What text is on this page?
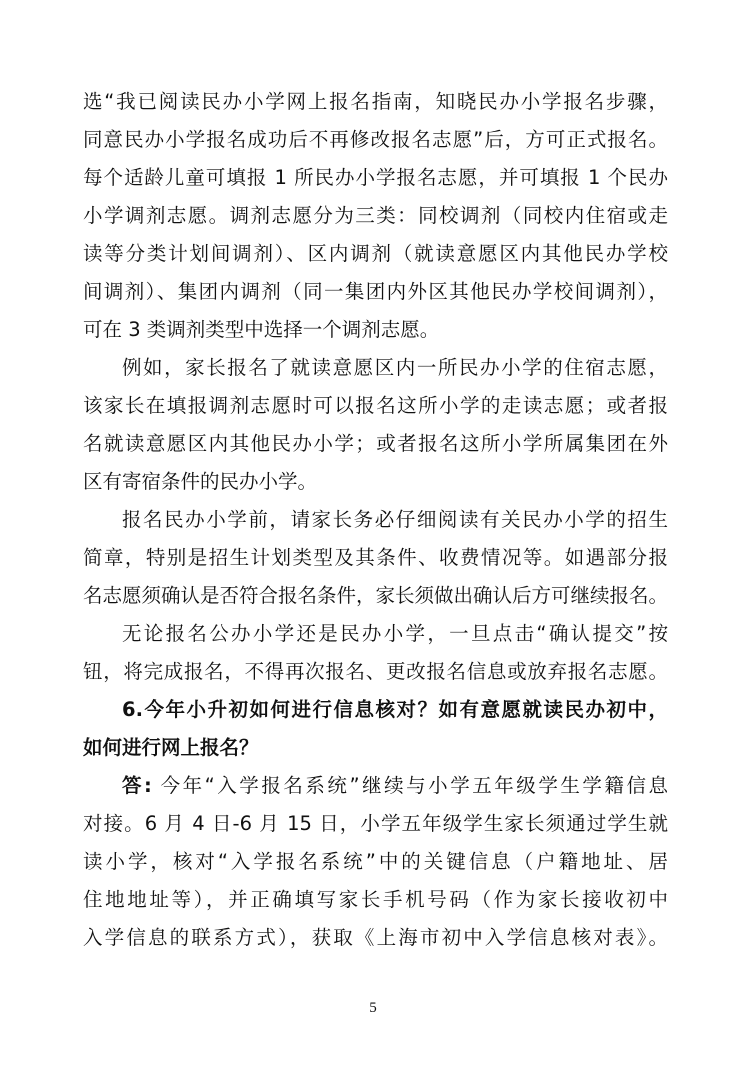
选“我已阅读民办小学网上报名指南，知晓民办小学报名步骤，
同意民办小学报名成功后不再修改报名志愿”后，方可正式报名。
每个适龄儿童可填报 1 所民办小学报名志愿，并可填报 1 个民办
小学调剂志愿。调剂志愿分为三类：同校调剂（同校内住宿或走
读等分类计划间调剂）、区内调剂（就读意愿区内其他民办学校
间调剂）、集团内调剂（同一集团内外区其他民办学校间调剂），
可在 3 类调剂类型中选择一个调剂志愿。
例如，家长报名了就读意愿区内一所民办小学的住宿志愿，
该家长在填报调剂志愿时可以报名这所小学的走读志愿；或者报
名就读意愿区内其他民办小学；或者报名这所小学所属集团在外
区有寄宿条件的民办小学。
报名民办小学前，请家长务必仔细阅读有关民办小学的招生
简章，特别是招生计划类型及其条件、收费情况等。如遇部分报
名志愿须确认是否符合报名条件，家长须做出确认后方可继续报名。
无论报名公办小学还是民办小学，一旦点击“确认提交”按
钮，将完成报名，不得再次报名、更改报名信息或放弃报名志愿。
6.今年小升初如何进行信息核对？如有意愿就读民办初中，
如何进行网上报名？
答: 今年“入学报名系统”继续与小学五年级学生学籍信息
对接。6 月 4 日-6 月 15 日，小学五年级学生家长须通过学生就
读小学，核对“入学报名系统”中的关键信息（户籍地址、居
住地地址等），并正确填写家长手机号码（作为家长接收初中
入学信息的联系方式），获取《上海市初中入学信息核对表》。
5
